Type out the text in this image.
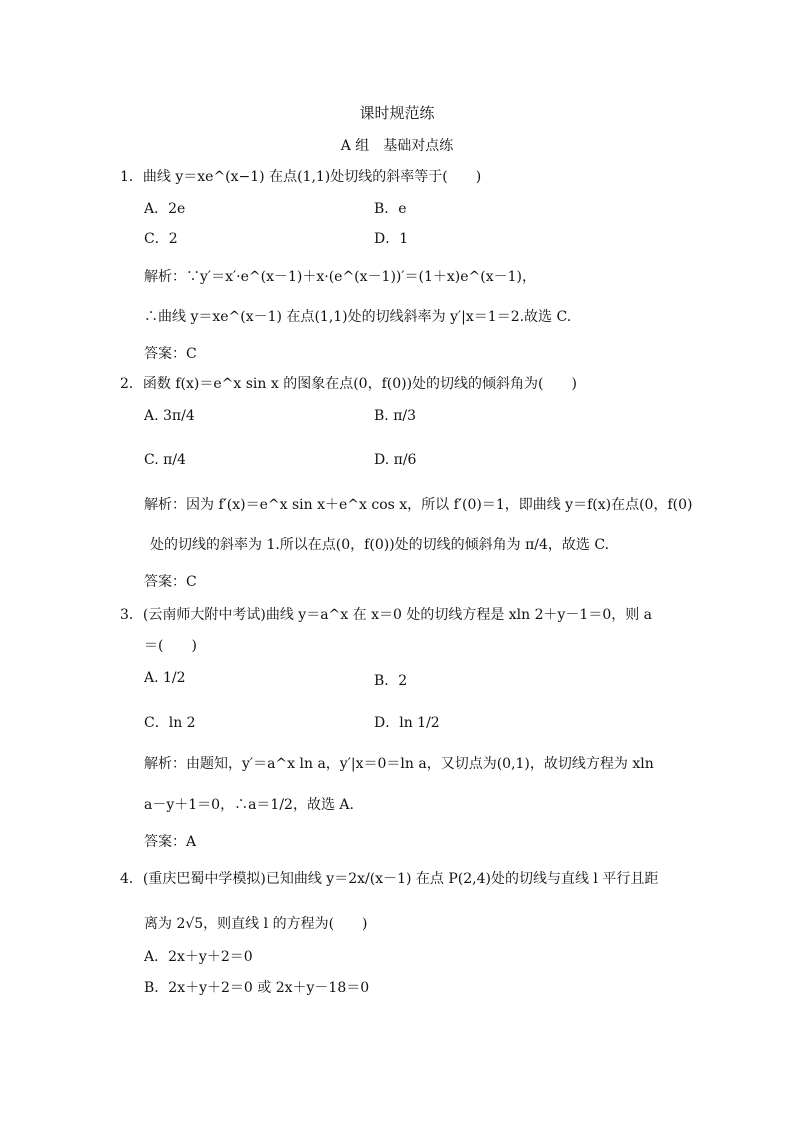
课时规范练
A 组　基础对点练
1．曲线 y＝xe^(x−1) 在点(1,1)处切线的斜率等于(　　)
A．2e	B．e
C．2	D．1
解析：∵y′＝x′·e^(x－1)＋x·(e^(x－1))′＝(1＋x)e^(x－1)，
∴曲线 y＝xe^(x－1) 在点(1,1)处的切线斜率为 y′|x＝1＝2.故选 C.
答案：C
2．函数 f(x)＝e^x sin x 的图象在点(0，f(0))处的切线的倾斜角为(　　)
A. 3π/4	B. π/3
C. π/4	D. π/6
解析：因为 f′(x)＝e^x sin x＋e^x cos x，所以 f′(0)＝1，即曲线 y＝f(x)在点(0，f(0)
处的切线的斜率为 1.所以在点(0，f(0))处的切线的倾斜角为 π/4，故选 C.
答案：C
3．(云南师大附中考试)曲线 y＝a^x 在 x＝0 处的切线方程是 xln 2＋y－1＝0，则 a
＝(　　)
A. 1/2	B．2
C．ln 2	D．ln 1/2
解析：由题知，y′＝a^x ln a，y′|x＝0＝ln a，又切点为(0,1)，故切线方程为 xln
a－y＋1＝0，∴a＝1/2，故选 A.
答案：A
4．(重庆巴蜀中学模拟)已知曲线 y＝2x/(x－1) 在点 P(2,4)处的切线与直线 l 平行且距
离为 2√5，则直线 l 的方程为(　　)
A．2x＋y＋2＝0
B．2x＋y＋2＝0 或 2x＋y－18＝0
